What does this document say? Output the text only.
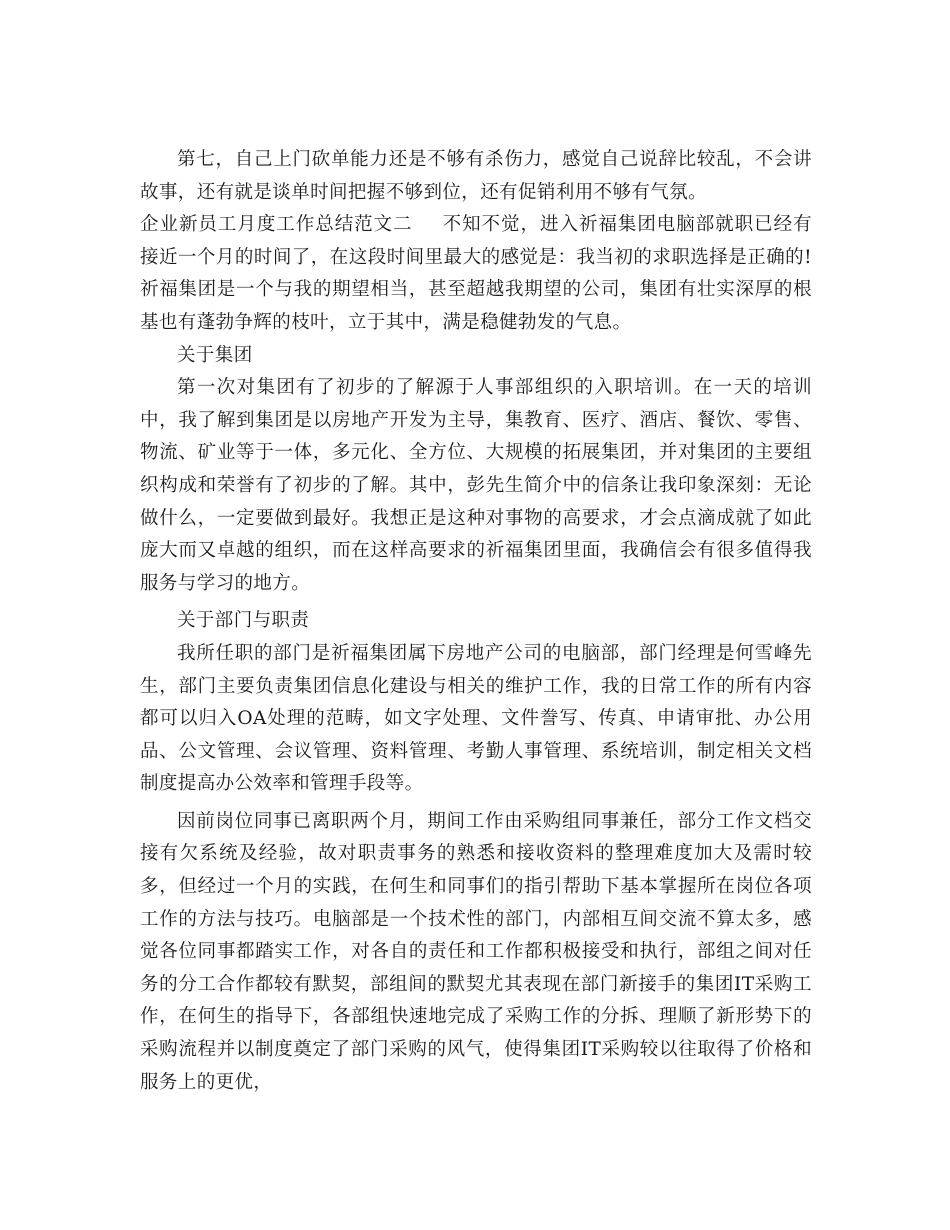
第七，自己上门砍单能力还是不够有杀伤力，感觉自己说辞比较乱，不会讲故事，还有就是谈单时间把握不够到位，还有促销利用不够有气氛。

企业新员工月度工作总结范文二 不知不觉，进入祈福集团电脑部就职已经有接近一个月的时间了，在这段时间里最大的感觉是：我当初的求职选择是正确的!祈福集团是一个与我的期望相当，甚至超越我期望的公司，集团有壮实深厚的根基也有蓬勃争辉的枝叶，立于其中，满是稳健勃发的气息。

关于集团

第一次对集团有了初步的了解源于人事部组织的入职培训。在一天的培训中，我了解到集团是以房地产开发为主导，集教育、医疗、酒店、餐饮、零售、物流、矿业等于一体，多元化、全方位、大规模的拓展集团，并对集团的主要组织构成和荣誉有了初步的了解。其中，彭先生简介中的信条让我印象深刻：无论做什么，一定要做到最好。我想正是这种对事物的高要求，才会点滴成就了如此庞大而又卓越的组织，而在这样高要求的祈福集团里面，我确信会有很多值得我服务与学习的地方。

关于部门与职责

我所任职的部门是祈福集团属下房地产公司的电脑部，部门经理是何雪峰先生，部门主要负责集团信息化建设与相关的维护工作，我的日常工作的所有内容都可以归入OA处理的范畴，如文字处理、文件誊写、传真、申请审批、办公用品、公文管理、会议管理、资料管理、考勤人事管理、系统培训，制定相关文档制度提高办公效率和管理手段等。

因前岗位同事已离职两个月，期间工作由采购组同事兼任，部分工作文档交接有欠系统及经验，故对职责事务的熟悉和接收资料的整理难度加大及需时较多，但经过一个月的实践，在何生和同事们的指引帮助下基本掌握所在岗位各项工作的方法与技巧。电脑部是一个技术性的部门，内部相互间交流不算太多，感觉各位同事都踏实工作，对各自的责任和工作都积极接受和执行，部组之间对任务的分工合作都较有默契，部组间的默契尤其表现在部门新接手的集团IT采购工作，在何生的指导下，各部组快速地完成了采购工作的分拆、理顺了新形势下的采购流程并以制度奠定了部门采购的风气，使得集团IT采购较以往取得了价格和服务上的更优，
